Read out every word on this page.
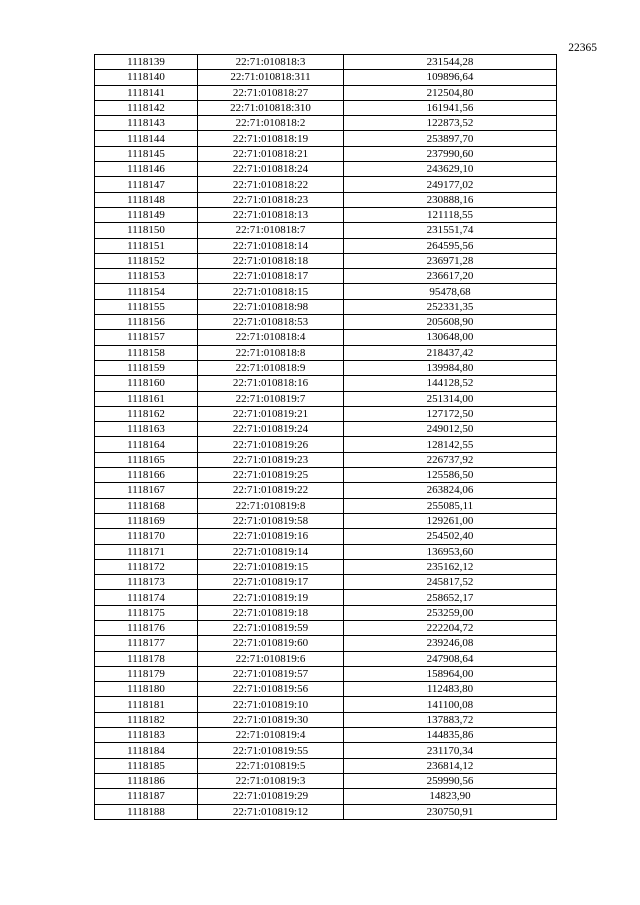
22365
1118139	22:71:010818:3	231544,28
1118140	22:71:010818:311	109896,64
1118141	22:71:010818:27	212504,80
1118142	22:71:010818:310	161941,56
1118143	22:71:010818:2	122873,52
1118144	22:71:010818:19	253897,70
1118145	22:71:010818:21	237990,60
1118146	22:71:010818:24	243629,10
1118147	22:71:010818:22	249177,02
1118148	22:71:010818:23	230888,16
1118149	22:71:010818:13	121118,55
1118150	22:71:010818:7	231551,74
1118151	22:71:010818:14	264595,56
1118152	22:71:010818:18	236971,28
1118153	22:71:010818:17	236617,20
1118154	22:71:010818:15	95478,68
1118155	22:71:010818:98	252331,35
1118156	22:71:010818:53	205608,90
1118157	22:71:010818:4	130648,00
1118158	22:71:010818:8	218437,42
1118159	22:71:010818:9	139984,80
1118160	22:71:010818:16	144128,52
1118161	22:71:010819:7	251314,00
1118162	22:71:010819:21	127172,50
1118163	22:71:010819:24	249012,50
1118164	22:71:010819:26	128142,55
1118165	22:71:010819:23	226737,92
1118166	22:71:010819:25	125586,50
1118167	22:71:010819:22	263824,06
1118168	22:71:010819:8	255085,11
1118169	22:71:010819:58	129261,00
1118170	22:71:010819:16	254502,40
1118171	22:71:010819:14	136953,60
1118172	22:71:010819:15	235162,12
1118173	22:71:010819:17	245817,52
1118174	22:71:010819:19	258652,17
1118175	22:71:010819:18	253259,00
1118176	22:71:010819:59	222204,72
1118177	22:71:010819:60	239246,08
1118178	22:71:010819:6	247908,64
1118179	22:71:010819:57	158964,00
1118180	22:71:010819:56	112483,80
1118181	22:71:010819:10	141100,08
1118182	22:71:010819:30	137883,72
1118183	22:71:010819:4	144835,86
1118184	22:71:010819:55	231170,34
1118185	22:71:010819:5	236814,12
1118186	22:71:010819:3	259990,56
1118187	22:71:010819:29	14823,90
1118188	22:71:010819:12	230750,91
